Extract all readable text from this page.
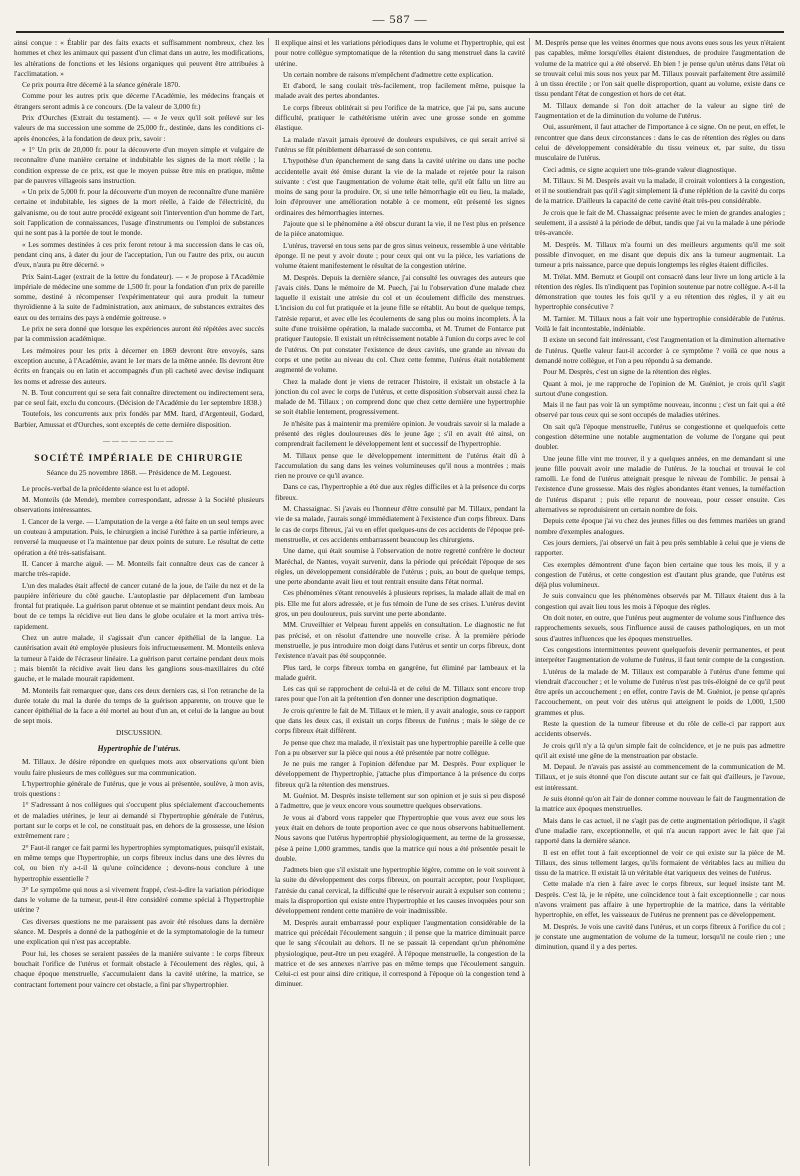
— 587 —

ainsi conçue : « Établir par des faits exacts et suffisamment nombreux, chez les hommes et chez les animaux qui passent d'un climat dans un autre, les modifications, les altérations de fonctions et les lésions organiques qui peuvent être attribuées à l'acclimatation. »

Ce prix pourra être décerné à la séance générale 1870.

Comme pour les autres prix que décerne l'Académie, les médecins français et étrangers seront admis à ce concours. (De la valeur de 3,000 fr.)

Prix d'Ourches (Extrait du testament). — « Je veux qu'il soit prélevé sur les valeurs de ma succession une somme de 25,000 fr., destinée, dans les conditions ci-après énoncées, à la fondation de deux prix, savoir :

« 1° Un prix de 20,000 fr. pour la découverte d'un moyen simple et vulgaire de reconnaître d'une manière certaine et indubitable les signes de la mort réelle ; la condition expresse de ce prix, est que le moyen puisse être mis en pratique, même par de pauvres villageois sans instruction.

« Un prix de 5,000 fr. pour la découverte d'un moyen de reconnaître d'une manière certaine et indubitable, les signes de la mort réelle, à l'aide de l'électricité, du galvanisme, ou de tout autre procédé exigeant soit l'intervention d'un homme de l'art, soit l'application de connaissances, l'usage d'instruments ou l'emploi de substances qui ne sont pas à la portée de tout le monde.

« Les sommes destinées à ces prix feront retour à ma succession dans le cas où, pendant cinq ans, à dater du jour de l'acceptation, l'un ou l'autre des prix, ou aucun d'eux, n'aura pu être décerné. »

Prix Saint-Lager (extrait de la lettre du fondateur). — « Je propose à l'Académie impériale de médecine une somme de 1,500 fr. pour la fondation d'un prix de pareille somme, destiné à récompenser l'expérimentateur qui aura produit la tumeur thyroïdienne à la suite de l'administration, aux animaux, de substances extraites des eaux ou des terrains des pays à endémie goitreuse. »

Le prix ne sera donné que lorsque les expériences auront été répétées avec succès par la commission académique.

Les mémoires pour les prix à décerner en 1869 devront être envoyés, sans exception aucune, à l'Académie, avant le 1er mars de la même année. Ils devront être écrits en français ou en latin et accompagnés d'un pli cacheté avec devise indiquant les noms et adresse des auteurs.

N. B. Tout concurrent qui se sera fait connaître directement ou indirectement sera, par ce seul fait, exclu du concours. (Décision de l'Académie du 1er septembre 1838.)

Toutefois, les concurrents aux prix fondés par MM. Itard, d'Argenteuil, Godard, Barbier, Amussat et d'Ourches, sont exceptés de cette dernière disposition.

————————
SOCIÉTÉ IMPÉRIALE DE CHIRURGIE
Séance du 25 novembre 1868. — Présidence de M. Legouest.

Le procès-verbal de la précédente séance est lu et adopté.

M. Monteils (de Mende), membre correspondant, adresse à la Société plusieurs observations intéressantes.

I. Cancer de la verge. — L'amputation de la verge a été faite en un seul temps avec un couteau à amputation. Puis, le chirurgien a incisé l'urèthre à sa partie inférieure, a renversé la muqueuse et l'a maintenue par deux points de suture. Le résultat de cette opération a été très-satisfaisant.

II. Cancer à marche aiguë. — M. Monteils fait connaître deux cas de cancer à marche très-rapide.

L'un des malades était affecté de cancer cutané de la joue, de l'aile du nez et de la paupière inférieure du côté gauche. L'autoplastie par déplacement d'un lambeau frontal fut pratiquée. La guérison parut obtenue et se maintint pendant deux mois. Au bout de ce temps la récidive eut lieu dans le globe oculaire et la mort arriva très-rapidement.

Chez un autre malade, il s'agissait d'un cancer épithélial de la langue. La cautérisation avait été employée plusieurs fois infructueusement. M. Monteils enleva la tumeur à l'aide de l'écraseur linéaire. La guérison parut certaine pendant deux mois ; mais bientôt la récidive avait lieu dans les ganglions sous-maxillaires du côté gauche, et le malade mourait rapidement.

M. Monteils fait remarquer que, dans ces deux derniers cas, si l'on retranche de la durée totale du mal la durée du temps de la guérison apparente, on trouve que le cancer épithélial de la face a été mortel au bout d'un an, et celui de la langue au bout de sept mois.

DISCUSSION.
Hypertrophie de l'utérus.

M. Tillaux. Je désire répondre en quelques mots aux observations qu'ont bien voulu faire plusieurs de mes collègues sur ma communication.

L'hypertrophie générale de l'utérus, que je vous ai présentée, soulève, à mon avis, trois questions :

1° S'adressant à nos collègues qui s'occupent plus spécialement d'accouchements et de maladies utérines, je leur ai demandé si l'hypertrophie générale de l'utérus, portant sur le corps et le col, ne constituait pas, en dehors de la grossesse, une lésion extrêmement rare ;

2° Faut-il ranger ce fait parmi les hypertrophies symptomatiques, puisqu'il existait, en même temps que l'hypertrophie, un corps fibreux inclus dans une des lèvres du col, ou bien n'y a-t-il là qu'une coïncidence ; devons-nous conclure à une hypertrophie essentielle ?

3° Le symptôme qui nous a si vivement frappé, c'est-à-dire la variation périodique dans le volume de la tumeur, peut-il être considéré comme spécial à l'hypertrophie utérine ?

Ces diverses questions ne me paraissent pas avoir été résolues dans la dernière séance. M. Desprès a donné de la pathogénie et de la symptomatologie de la tumeur une explication qui n'est pas acceptable.

Pour lui, les choses se seraient passées de la manière suivante : le corps fibreux bouchait l'orifice de l'utérus et formait obstacle à l'écoulement des règles, qui, à chaque époque menstruelle, s'accumulaient dans la cavité utérine, la matrice, se contractant fortement pour vaincre cet obstacle, a fini par s'hypertrophier.

Il explique ainsi et les variations périodiques dans le volume et l'hypertrophie, qui est pour notre collègue symptomatique de la rétention du sang menstruel dans la cavité utérine.

Un certain nombre de raisons m'empêchent d'admettre cette explication.

Et d'abord, le sang coulait très-facilement, trop facilement même, puisque la malade avait des pertes abondantes.

Le corps fibreux oblitérait si peu l'orifice de la matrice, que j'ai pu, sans aucune difficulté, pratiquer le cathétérisme utérin avec une grosse sonde en gomme élastique.

La malade n'avait jamais éprouvé de douleurs expulsives, ce qui serait arrivé si l'utérus se fût péniblement débarrassé de son contenu.

L'hypothèse d'un épanchement de sang dans la cavité utérine ou dans une poche accidentelle avait été émise durant la vie de la malade et rejetée pour la raison suivante : c'est que l'augmentation de volume était telle, qu'il eût fallu un litre au moins de sang pour la produire. Or, si une telle hémorrhagie eût eu lieu, la malade, loin d'éprouver une amélioration notable à ce moment, eût présenté les signes ordinaires des hémorrhagies internes.

J'ajoute que si le phénomène a été obscur durant la vie, il ne l'est plus en présence de la pièce anatomique.

L'utérus, traversé en tous sens par de gros sinus veineux, ressemble à une véritable éponge. Il ne peut y avoir doute ; pour ceux qui ont vu la pièce, les variations de volume étaient manifestement le résultat de la congestion utérine.

M. Desprès. Depuis la dernière séance, j'ai consulté les ouvrages des auteurs que j'avais cités. Dans le mémoire de M. Puech, j'ai lu l'observation d'une malade chez laquelle il existait une atrésie du col et un écoulement difficile des menstrues. L'incision du col fut pratiquée et la jeune fille se rétablit. Au bout de quelque temps, l'atrésie reparut, et avec elle les écoulements de sang plus ou moins incomplets. À la suite d'une troisième opération, la malade succomba, et M. Trumet de Fontarce put pratiquer l'autopsie. Il existait un rétrécissement notable à l'union du corps avec le col de l'utérus. On put constater l'existence de deux cavités, une grande au niveau du corps et une petite au niveau du col. Chez cette femme, l'utérus était notablement augmenté de volume.

Chez la malade dont je viens de retracer l'histoire, il existait un obstacle à la jonction du col avec le corps de l'utérus, et cette disposition s'observait aussi chez la malade de M. Tillaux ; on comprend donc que chez cette dernière une hypertrophie se soit établie lentement, progressivement.

Je n'hésite pas à maintenir ma première opinion. Je voudrais savoir si la malade a présenté des règles douloureuses dès le jeune âge ; s'il en avait été ainsi, on comprendrait facilement le développement lent et successif de l'hypertrophie.

M. Tillaux pense que le développement intermittent de l'utérus était dû à l'accumulation du sang dans les veines volumineuses qu'il nous a montrées ; mais rien ne prouve ce qu'il avance.

Dans ce cas, l'hypertrophie a été due aux règles difficiles et à la présence du corps fibreux.

M. Chassaignac. Si j'avais eu l'honneur d'être consulté par M. Tillaux, pendant la vie de sa malade, j'aurais songé immédiatement à l'existence d'un corps fibreux. Dans le cas de corps fibreux, j'ai vu en effet quelques-uns de ces accidents de l'époque pré-menstruelle, et ces accidents embarrassent beaucoup les chirurgiens.

Une dame, qui était soumise à l'observation de notre regretté confrère le docteur Maréchal, de Nantes, voyait survenir, dans la période qui précédait l'époque de ses règles, un développement considérable de l'utérus ; puis, au bout de quelque temps, une perte abondante avait lieu et tout rentrait ensuite dans l'état normal.

Ces phénomènes s'étant renouvelés à plusieurs reprises, la malade allait de mal en pis. Elle me fut alors adressée, et je fus témoin de l'une de ses crises. L'utérus devint gros, un peu douloureux, puis survint une perte abondante.

MM. Cruveilhier et Velpeau furent appelés en consultation. Le diagnostic ne fut pas précisé, et on résolut d'attendre une nouvelle crise. À la première période menstruelle, je pus introduire mon doigt dans l'utérus et sentir un corps fibreux, dont l'existence n'avait pas été soupçonnée.

Plus tard, le corps fibreux tomba en gangrène, fut éliminé par lambeaux et la malade guérit.

Les cas qui se rapprochent de celui-là et de celui de M. Tillaux sont encore trop rares pour que l'on ait la prétention d'en donner une description dogmatique.

Je crois qu'entre le fait de M. Tillaux et le mien, il y avait analogie, sous ce rapport que dans les deux cas, il existait un corps fibreux de l'utérus ; mais le siège de ce corps fibreux était différent.

Je pense que chez ma malade, il n'existait pas une hypertrophie pareille à celle que l'on a pu observer sur la pièce qui nous a été présentée par notre collègue.

Je ne puis me ranger à l'opinion défendue par M. Desprès. Pour expliquer le développement de l'hypertrophie, j'attache plus d'importance à la présence du corps fibreux qu'à la rétention des menstrues.

M. Guéniot. M. Desprès insiste tellement sur son opinion et je suis si peu disposé à l'admettre, que je veux encore vous soumettre quelques observations.

Je vous ai d'abord vous rappeler que l'hypertrophie que vous avez eue sous les yeux était en dehors de toute proportion avec ce que nous observons habituellement. Nous savons que l'utérus hypertrophié physiologiquement, au terme de la grossesse, pèse à peine 1,000 grammes, tandis que la matrice qui nous a été présentée pesait le double.

J'admets bien que s'il existait une hypertrophie légère, comme on le voit souvent à la suite du développement des corps fibreux, on pourrait accepter, pour l'expliquer, l'atrésie du canal cervical, la difficulté que le réservoir aurait à expulser son contenu ; mais la disproportion qui existe entre l'hypertrophie et les causes invoquées pour son développement rendent cette manière de voir inadmissible.

M. Desprès aurait embarrassé pour expliquer l'augmentation considérable de la matrice qui précédait l'écoulement sanguin ; il pense que la matrice diminuait parce que le sang s'écoulait au dehors. Il ne se passait là cependant qu'un phénomène physiologique, peut-être un peu exagéré. À l'époque menstruelle, la congestion de la matrice et de ses annexes n'arrive pas en même temps que l'écoulement sanguin. Celui-ci est pour ainsi dire critique, il correspond à l'époque où la congestion tend à diminuer.

M. Desprès pense que les veines énormes que nous avons eues sous les yeux n'étaient pas capables, même lorsqu'elles étaient distendues, de produire l'augmentation de volume de la matrice qui a été observé. Eh bien ! je pense qu'un utérus dans l'état où se trouvait celui mis sous nos yeux par M. Tillaux pouvait parfaitement être assimilé à un tissu érectile ; or l'on sait quelle disproportion, quant au volume, existe dans ce tissu pendant l'état de congestion et hors de cet état.

M. Tillaux demande si l'on doit attacher de la valeur au signe tiré de l'augmentation et de la diminution du volume de l'utérus.

Oui, assurément, il faut attacher de l'importance à ce signe. On ne peut, en effet, le rencontrer que dans deux circonstances : dans le cas de rétention des règles ou dans celui de développement considérable du tissu veineux et, par suite, du tissu musculaire de l'utérus.

Ceci admis, ce signe acquiert une très-grande valeur diagnostique.

M. Tillaux. Si M. Desprès avait vu la malade, il croirait volontiers à la congestion, et il ne soutiendrait pas qu'il s'agit simplement là d'une réplétion de la cavité du corps de la matrice. D'ailleurs la capacité de cette cavité était très-peu considérable.

Je crois que le fait de M. Chassaignac présente avec le mien de grandes analogies ; seulement, il a assisté à la période de début, tandis que j'ai vu la malade à une période très-avancée.

M. Desprès. M. Tillaux m'a fourni un des meilleurs arguments qu'il me soit possible d'invoquer, en me disant que depuis dix ans la tumeur augmentait. La tumeur a pris naissance, parce que depuis longtemps les règles étaient difficiles.

M. Trélat. MM. Bernutz et Goupil ont consacré dans leur livre un long article à la rétention des règles. Ils n'indiquent pas l'opinion soutenue par notre collègue. A-t-il la démonstration que toutes les fois qu'il y a eu rétention des règles, il y ait eu hypertrophie consécutive ?

M. Tarnier. M. Tillaux nous a fait voir une hypertrophie considérable de l'utérus. Voilà le fait incontestable, indéniable.

Il existe un second fait intéressant, c'est l'augmentation et la diminution alternative de l'utérus. Quelle valeur faut-il accorder à ce symptôme ? voilà ce que nous a demandé notre collègue, et l'on a peu répondu à sa demande.

Pour M. Desprès, c'est un signe de la rétention des règles.

Quant à moi, je me rapproche de l'opinion de M. Guéniot, je crois qu'il s'agit surtout d'une congestion.

Mais il ne faut pas voir là un symptôme nouveau, inconnu ; c'est un fait qui a été observé par tous ceux qui se sont occupés de maladies utérines.

On sait qu'à l'époque menstruelle, l'utérus se congestionne et quelquefois cette congestion détermine une notable augmentation de volume de l'organe qui peut doubler.

Une jeune fille vint me trouver, il y a quelques années, en me demandant si une jeune fille pouvait avoir une maladie de l'utérus. Je la touchai et trouvai le col ramolli. Le fond de l'utérus atteignait presque le niveau de l'ombilic. Je pensai à l'existence d'une grossesse. Mais des règles abondantes étant venues, la tuméfaction de l'utérus disparut ; puis elle reparut de nouveau, pour cesser ensuite. Ces alternatives se reproduisirent un certain nombre de fois.

Depuis cette époque j'ai vu chez des jeunes filles ou des femmes mariées un grand nombre d'exemples analogues.

Ces jours derniers, j'ai observé un fait à peu près semblable à celui que je viens de rapporter.

Ces exemples démontrent d'une façon bien certaine que tous les mois, il y a congestion de l'utérus, et cette congestion est d'autant plus grande, que l'utérus est déjà plus volumineux.

Je suis convaincu que les phénomènes observés par M. Tillaux étaient dus à la congestion qui avait lieu tous les mois à l'époque des règles.

On doit noter, en outre, que l'utérus peut augmenter de volume sous l'influence des rapprochements sexuels, sous l'influence aussi de causes pathologiques, en un mot sous d'autres influences que les époques menstruelles.

Ces congestions intermittentes peuvent quelquefois devenir permanentes, et peut interpréter l'augmentation de volume de l'utérus, il faut tenir compte de la congestion.

L'utérus de la malade de M. Tillaux est comparable à l'utérus d'une femme qui viendrait d'accoucher ; et le volume de l'utérus n'est pas très-éloigné de ce qu'il peut être après un accouchement ; en effet, contre l'avis de M. Guéniot, je pense qu'après l'accouchement, on peut voir des utérus qui atteignent le poids de 1,000, 1,500 grammes et plus.

Reste la question de la tumeur fibreuse et du rôle de celle-ci par rapport aux accidents observés.

Je crois qu'il n'y a là qu'un simple fait de coïncidence, et je ne puis pas admettre qu'il ait existé une gêne de la menstruation par obstacle.

M. Depaul. Je n'avais pas assisté au commencement de la communication de M. Tillaux, et je suis étonné que l'on discute autant sur ce fait qui d'ailleurs, je l'avoue, est intéressant.

Je suis étonné qu'on ait l'air de donner comme nouveau le fait de l'augmentation de la matrice aux époques menstruelles.

Mais dans le cas actuel, il ne s'agit pas de cette augmentation périodique, il s'agit d'une maladie rare, exceptionnelle, et qui n'a aucun rapport avec le fait que j'ai rapporté dans la dernière séance.

Il est en effet tout à fait exceptionnel de voir ce qui existe sur la pièce de M. Tillaux, des sinus tellement larges, qu'ils formaient de véritables lacs au milieu du tissu de la matrice. Il existait là un véritable état variqueux des veines de l'utérus.

Cette malade n'a rien à faire avec le corps fibreux, sur lequel insiste tant M. Desprès. C'est là, je le répète, une coïncidence tout à fait exceptionnelle ; car nous n'avons vraiment pas affaire à une hypertrophie de la matrice, dans la véritable hypertrophie, en effet, les vaisseaux de l'utérus ne prennent pas ce développement.

M. Desprès. Je vois une cavité dans l'utérus, et un corps fibreux à l'orifice du col ; je constate une augmentation de volume de la tumeur, lorsqu'il ne coule rien ; une diminution, quand il y a des pertes.
